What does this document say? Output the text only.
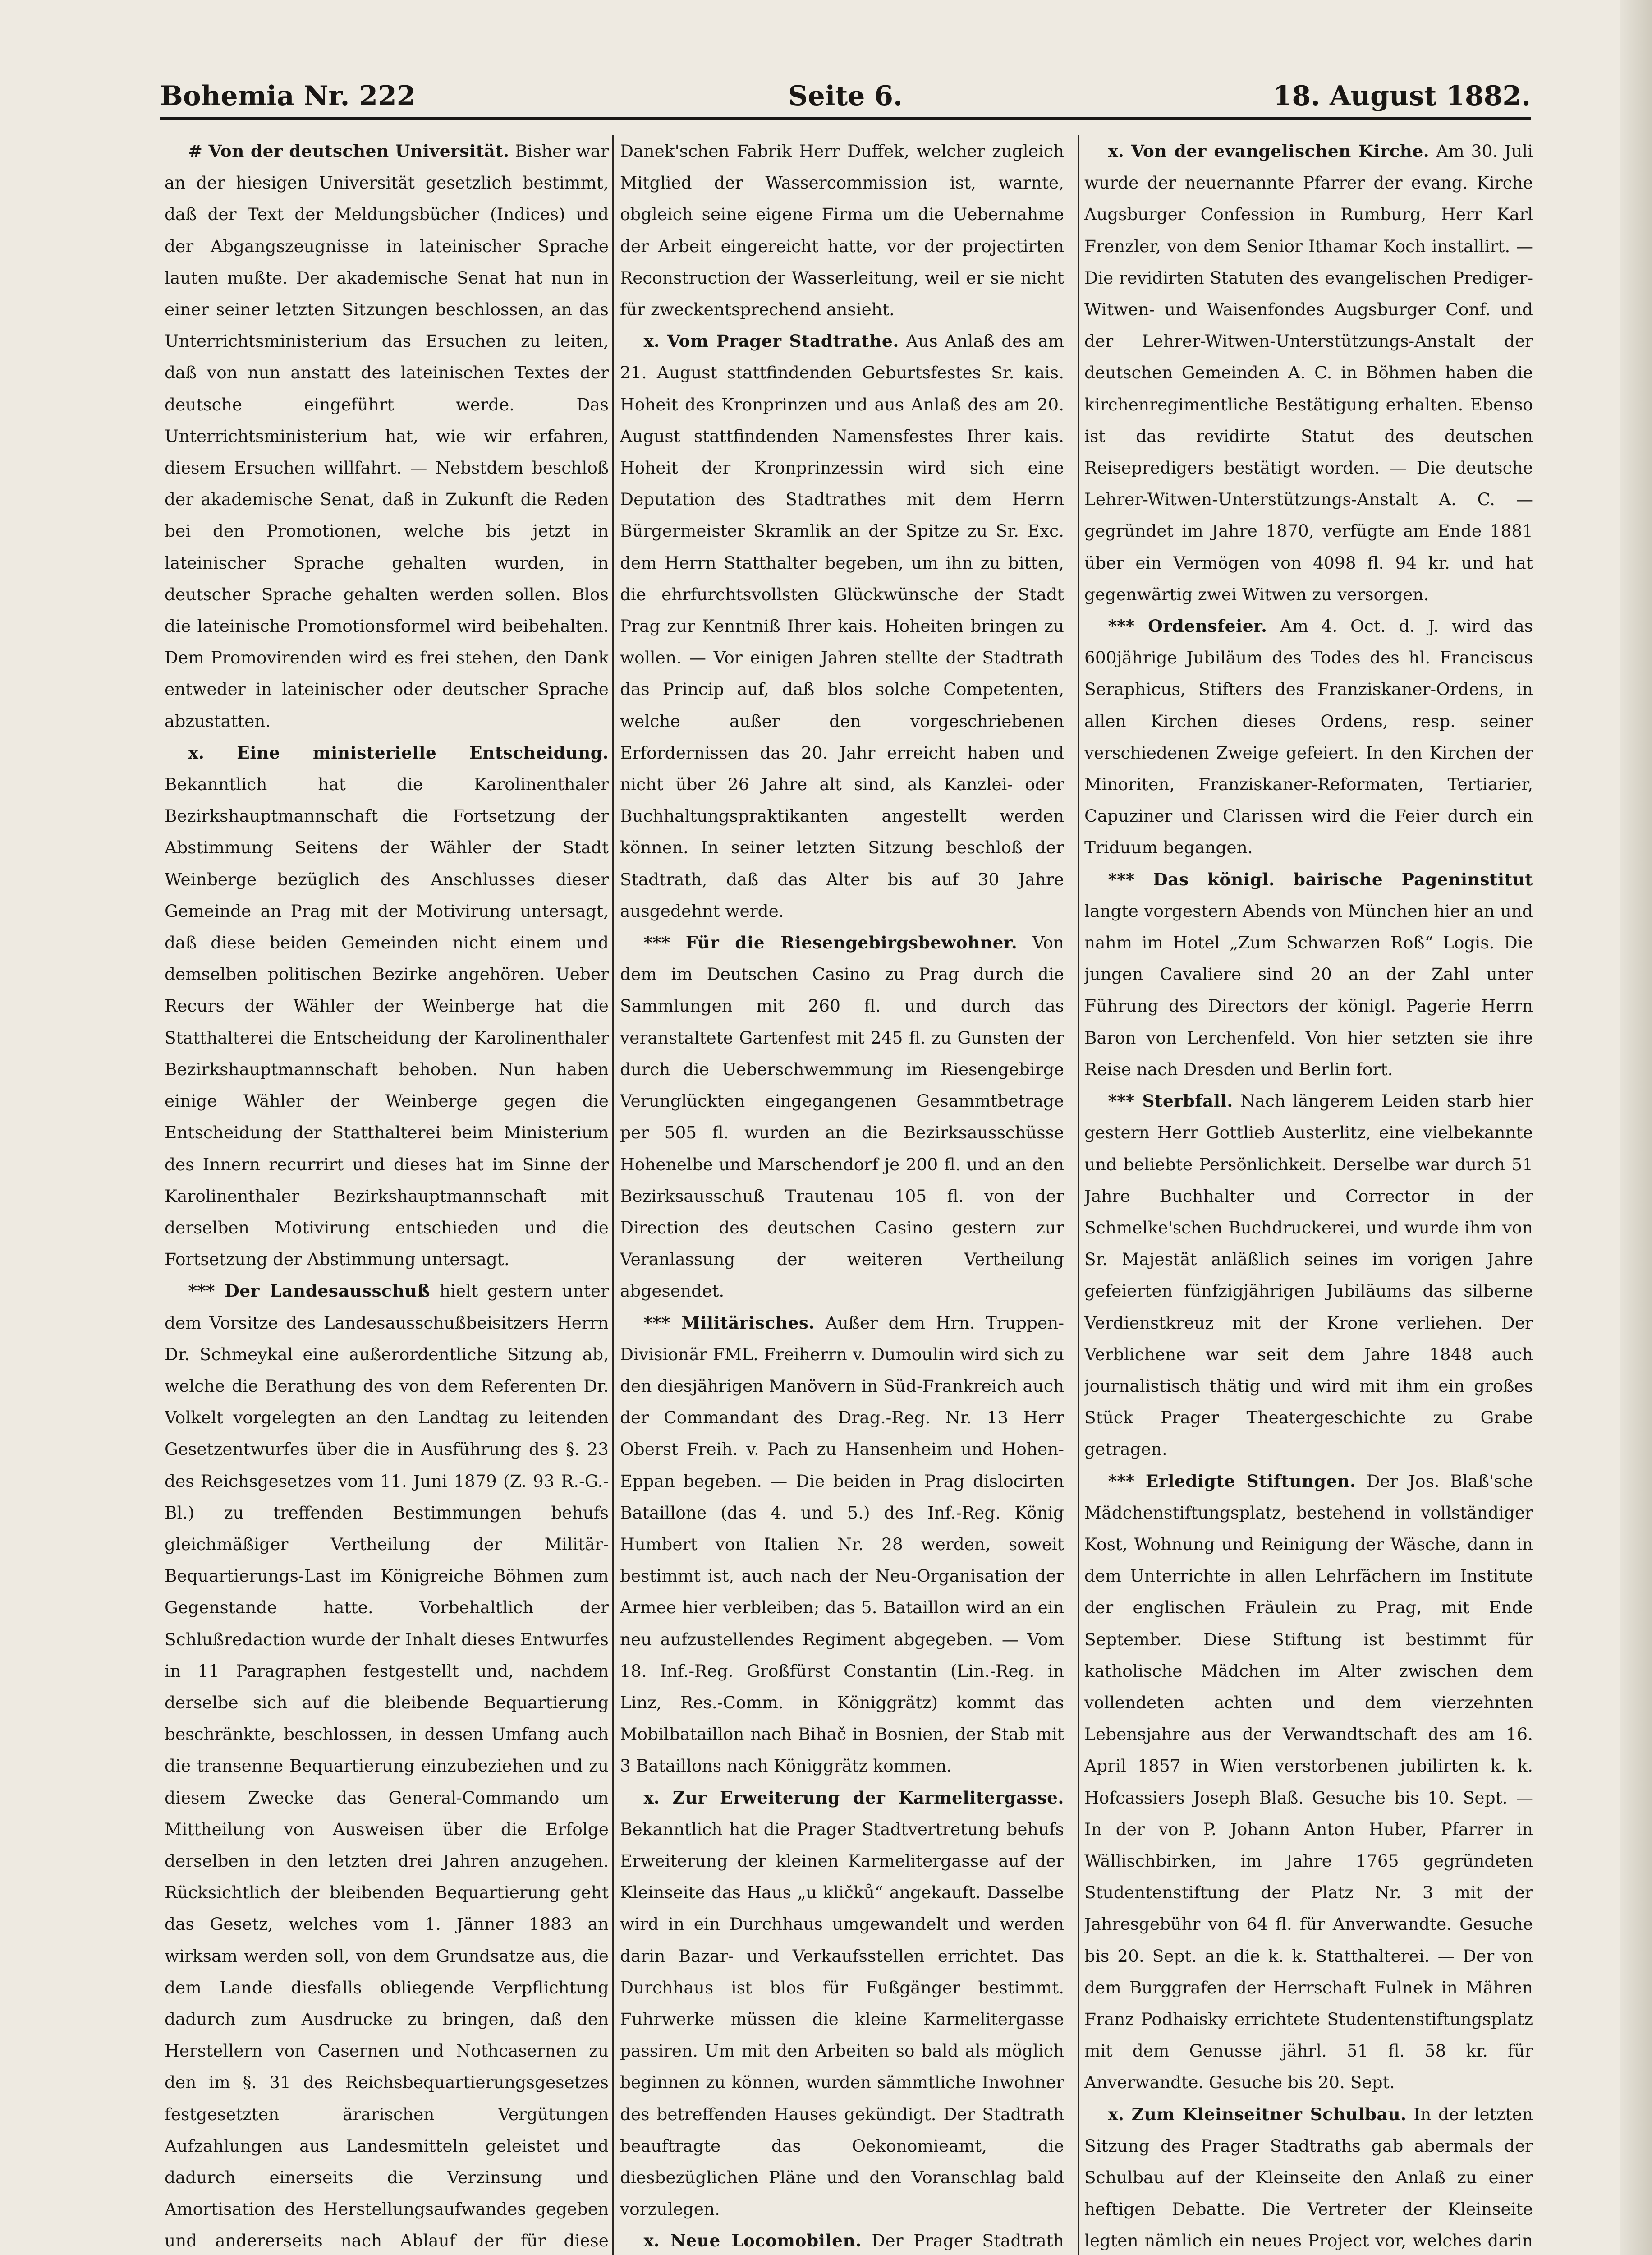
Bohemia Nr. 222	Seite 6.	18. August 1882.

# Von der deutschen Universität. Bisher war an der hiesigen Universität gesetzlich bestimmt, daß der Text der Meldungsbücher (Indices) und der Abgangszeugnisse in lateinischer Sprache lauten mußte. Der akademische Senat hat nun in einer seiner letzten Sitzungen beschlossen, an das Unterrichtsministerium das Ersuchen zu leiten, daß von nun anstatt des lateinischen Textes der deutsche eingeführt werde. Das Unterrichtsministerium hat, wie wir erfahren, diesem Ersuchen willfahrt. — Nebstdem beschloß der akademische Senat, daß in Zukunft die Reden bei den Promotionen, welche bis jetzt in lateinischer Sprache gehalten wurden, in deutscher Sprache gehalten werden sollen. Blos die lateinische Promotionsformel wird beibehalten. Dem Promovirenden wird es frei stehen, den Dank entweder in lateinischer oder deutscher Sprache abzustatten.

x. Eine ministerielle Entscheidung. Bekanntlich hat die Karolinenthaler Bezirkshauptmannschaft die Fortsetzung der Abstimmung Seitens der Wähler der Stadt Weinberge bezüglich des Anschlusses dieser Gemeinde an Prag mit der Motivirung untersagt, daß diese beiden Gemeinden nicht einem und demselben politischen Bezirke angehören. Ueber Recurs der Wähler der Weinberge hat die Statthalterei die Entscheidung der Karolinenthaler Bezirkshauptmannschaft behoben. Nun haben einige Wähler der Weinberge gegen die Entscheidung der Statthalterei beim Ministerium des Innern recurrirt und dieses hat im Sinne der Karolinenthaler Bezirkshauptmannschaft mit derselben Motivirung entschieden und die Fortsetzung der Abstimmung untersagt.

*** Der Landesausschuß hielt gestern unter dem Vorsitze des Landesausschußbeisitzers Herrn Dr. Schmeykal eine außerordentliche Sitzung ab, welche die Berathung des von dem Referenten Dr. Volkelt vorgelegten an den Landtag zu leitenden Gesetzentwurfes über die in Ausführung des §. 23 des Reichsgesetzes vom 11. Juni 1879 (Z. 93 R.-G.-Bl.) zu treffenden Bestimmungen behufs gleichmäßiger Vertheilung der Militär-Bequartierungs-Last im Königreiche Böhmen zum Gegenstande hatte. Vorbehaltlich der Schlußredaction wurde der Inhalt dieses Entwurfes in 11 Paragraphen festgestellt und, nachdem derselbe sich auf die bleibende Bequartierung beschränkte, beschlossen, in dessen Umfang auch die transenne Bequartierung einzubeziehen und zu diesem Zwecke das General-Commando um Mittheilung von Ausweisen über die Erfolge derselben in den letzten drei Jahren anzugehen. Rücksichtlich der bleibenden Bequartierung geht das Gesetz, welches vom 1. Jänner 1883 an wirksam werden soll, von dem Grundsatze aus, die dem Lande diesfalls obliegende Verpflichtung dadurch zum Ausdrucke zu bringen, daß den Herstellern von Casernen und Nothcasernen zu den im §. 31 des Reichsbequartierungsgesetzes festgesetzten ärarischen Vergütungen Aufzahlungen aus Landesmitteln geleistet und dadurch einerseits die Verzinsung und Amortisation des Herstellungsaufwandes gegeben und andererseits nach Ablauf der für diese

Danek'schen Fabrik Herr Duffek, welcher zugleich Mitglied der Wassercommission ist, warnte, obgleich seine eigene Firma um die Uebernahme der Arbeit eingereicht hatte, vor der projectirten Reconstruction der Wasserleitung, weil er sie nicht für zweckentsprechend ansieht.

x. Vom Prager Stadtrathe. Aus Anlaß des am 21. August stattfindenden Geburtsfestes Sr. kais. Hoheit des Kronprinzen und aus Anlaß des am 20. August stattfindenden Namensfestes Ihrer kais. Hoheit der Kronprinzessin wird sich eine Deputation des Stadtrathes mit dem Herrn Bürgermeister Skramlik an der Spitze zu Sr. Exc. dem Herrn Statthalter begeben, um ihn zu bitten, die ehrfurchtsvollsten Glückwünsche der Stadt Prag zur Kenntniß Ihrer kais. Hoheiten bringen zu wollen. — Vor einigen Jahren stellte der Stadtrath das Princip auf, daß blos solche Competenten, welche außer den vorgeschriebenen Erfordernissen das 20. Jahr erreicht haben und nicht über 26 Jahre alt sind, als Kanzlei- oder Buchhaltungspraktikanten angestellt werden können. In seiner letzten Sitzung beschloß der Stadtrath, daß das Alter bis auf 30 Jahre ausgedehnt werde.

*** Für die Riesengebirgsbewohner. Von dem im Deutschen Casino zu Prag durch die Sammlungen mit 260 fl. und durch das veranstaltete Gartenfest mit 245 fl. zu Gunsten der durch die Ueberschwemmung im Riesengebirge Verunglückten eingegangenen Gesammtbetrage per 505 fl. wurden an die Bezirksausschüsse Hohenelbe und Marschendorf je 200 fl. und an den Bezirksausschuß Trautenau 105 fl. von der Direction des deutschen Casino gestern zur Veranlassung der weiteren Vertheilung abgesendet.

*** Militärisches. Außer dem Hrn. Truppen-Divisionär FML. Freiherrn v. Dumoulin wird sich zu den diesjährigen Manövern in Süd-Frankreich auch der Commandant des Drag.-Reg. Nr. 13 Herr Oberst Freih. v. Pach zu Hansenheim und Hohen-Eppan begeben. — Die beiden in Prag dislocirten Bataillone (das 4. und 5.) des Inf.-Reg. König Humbert von Italien Nr. 28 werden, soweit bestimmt ist, auch nach der Neu-Organisation der Armee hier verbleiben; das 5. Bataillon wird an ein neu aufzustellendes Regiment abgegeben. — Vom 18. Inf.-Reg. Großfürst Constantin (Lin.-Reg. in Linz, Res.-Comm. in Königgrätz) kommt das Mobilbataillon nach Bihač in Bosnien, der Stab mit 3 Bataillons nach Königgrätz kommen.

x. Zur Erweiterung der Karmelitergasse. Bekanntlich hat die Prager Stadtvertretung behufs Erweiterung der kleinen Karmelitergasse auf der Kleinseite das Haus „u kličků“ angekauft. Dasselbe wird in ein Durchhaus umgewandelt und werden darin Bazar- und Verkaufsstellen errichtet. Das Durchhaus ist blos für Fußgänger bestimmt. Fuhrwerke müssen die kleine Karmelitergasse passiren. Um mit den Arbeiten so bald als möglich beginnen zu können, wurden sämmtliche Inwohner des betreffenden Hauses gekündigt. Der Stadtrath beauftragte das Oekonomieamt, die diesbezüglichen Pläne und den Voranschlag bald vorzulegen.

x. Neue Locomobilen. Der Prager Stadtrath

x. Von der evangelischen Kirche. Am 30. Juli wurde der neuernannte Pfarrer der evang. Kirche Augsburger Confession in Rumburg, Herr Karl Frenzler, von dem Senior Ithamar Koch installirt. — Die revidirten Statuten des evangelischen Prediger-Witwen- und Waisenfondes Augsburger Conf. und der Lehrer-Witwen-Unterstützungs-Anstalt der deutschen Gemeinden A. C. in Böhmen haben die kirchenregimentliche Bestätigung erhalten. Ebenso ist das revidirte Statut des deutschen Reisepredigers bestätigt worden. — Die deutsche Lehrer-Witwen-Unterstützungs-Anstalt A. C. — gegründet im Jahre 1870, verfügte am Ende 1881 über ein Vermögen von 4098 fl. 94 kr. und hat gegenwärtig zwei Witwen zu versorgen.

*** Ordensfeier. Am 4. Oct. d. J. wird das 600jährige Jubiläum des Todes des hl. Franciscus Seraphicus, Stifters des Franziskaner-Ordens, in allen Kirchen dieses Ordens, resp. seiner verschiedenen Zweige gefeiert. In den Kirchen der Minoriten, Franziskaner-Reformaten, Tertiarier, Capuziner und Clarissen wird die Feier durch ein Triduum begangen.

*** Das königl. bairische Pageninstitut langte vorgestern Abends von München hier an und nahm im Hotel „Zum Schwarzen Roß“ Logis. Die jungen Cavaliere sind 20 an der Zahl unter Führung des Directors der königl. Pagerie Herrn Baron von Lerchenfeld. Von hier setzten sie ihre Reise nach Dresden und Berlin fort.

*** Sterbfall. Nach längerem Leiden starb hier gestern Herr Gottlieb Austerlitz, eine vielbekannte und beliebte Persönlichkeit. Derselbe war durch 51 Jahre Buchhalter und Corrector in der Schmelke'schen Buchdruckerei, und wurde ihm von Sr. Majestät anläßlich seines im vorigen Jahre gefeierten fünfzigjährigen Jubiläums das silberne Verdienstkreuz mit der Krone verliehen. Der Verblichene war seit dem Jahre 1848 auch journalistisch thätig und wird mit ihm ein großes Stück Prager Theatergeschichte zu Grabe getragen.

*** Erledigte Stiftungen. Der Jos. Blaß'sche Mädchenstiftungsplatz, bestehend in vollständiger Kost, Wohnung und Reinigung der Wäsche, dann in dem Unterrichte in allen Lehrfächern im Institute der englischen Fräulein zu Prag, mit Ende September. Diese Stiftung ist bestimmt für katholische Mädchen im Alter zwischen dem vollendeten achten und dem vierzehnten Lebensjahre aus der Verwandtschaft des am 16. April 1857 in Wien verstorbenen jubilirten k. k. Hofcassiers Joseph Blaß. Gesuche bis 10. Sept. — In der von P. Johann Anton Huber, Pfarrer in Wällischbirken, im Jahre 1765 gegründeten Studentenstiftung der Platz Nr. 3 mit der Jahresgebühr von 64 fl. für Anverwandte. Gesuche bis 20. Sept. an die k. k. Statthalterei. — Der von dem Burggrafen der Herrschaft Fulnek in Mähren Franz Podhaisky errichtete Studentenstiftungsplatz mit dem Genusse jährl. 51 fl. 58 kr. für Anverwandte. Gesuche bis 20. Sept.

x. Zum Kleinseitner Schulbau. In der letzten Sitzung des Prager Stadtraths gab abermals der Schulbau auf der Kleinseite den Anlaß zu einer heftigen Debatte. Die Vertreter der Kleinseite legten nämlich ein neues Project vor, welches darin
